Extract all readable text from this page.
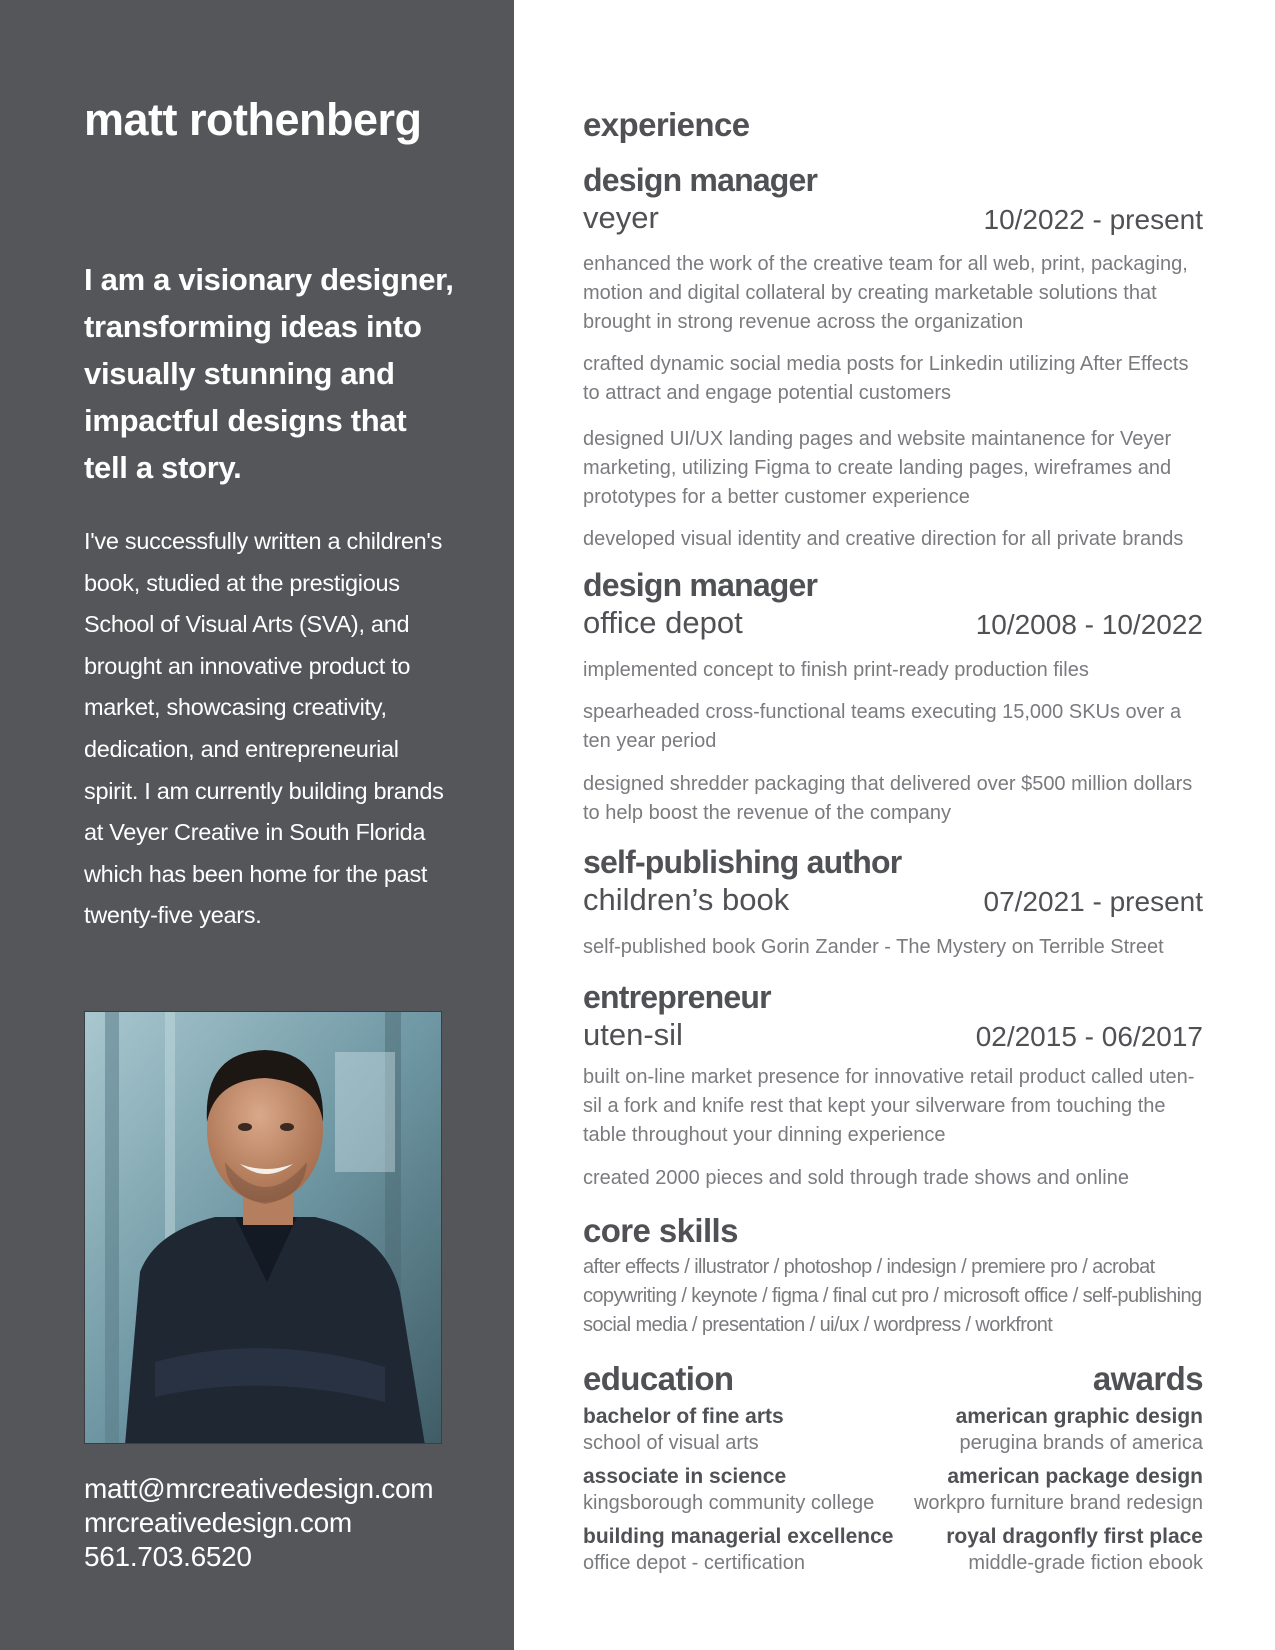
matt rothenberg

I am a visionary designer, transforming ideas into visually stunning and impactful designs that tell a story.

I've successfully written a children's book, studied at the prestigious School of Visual Arts (SVA), and brought an innovative product to market, showcasing creativity, dedication, and entrepreneurial spirit. I am currently building brands at Veyer Creative in South Florida which has been home for the past twenty-five years.

matt@mrcreativedesign.com
mrcreativedesign.com
561.703.6520
experience
design manager
veyer	10/2022 - present

enhanced the work of the creative team for all web, print, packaging, motion and digital collateral by creating marketable solutions that brought in strong revenue across the organization

crafted dynamic social media posts for Linkedin utilizing After Effects to attract and engage potential customers

designed UI/UX landing pages and website maintanence for Veyer marketing, utilizing Figma to create landing pages, wireframes and prototypes for a better customer experience

developed visual identity and creative direction for all private brands

design manager
office depot	10/2008 - 10/2022

implemented concept to finish print-ready production files

spearheaded cross-functional teams executing 15,000 SKUs over a ten year period

designed shredder packaging that delivered over $500 million dollars to help boost the revenue of the company

self-publishing author
children’s book	07/2021 - present

self-published book Gorin Zander - The Mystery on Terrible Street

entrepreneur
uten-sil	02/2015 - 06/2017

built on-line market presence for innovative retail product called uten-sil a fork and knife rest that kept your silverware from touching the table throughout your dinning experience

created 2000 pieces and sold through trade shows and online

core skills
after effects / illustrator / photoshop / indesign / premiere pro / acrobat
copywriting / keynote / figma / final cut pro / microsoft office / self-publishing
social media / presentation / ui/ux / wordpress / workfront
education
bachelor of fine arts
school of visual arts
associate in science
kingsborough community college
building managerial excellence
office depot - certification
awards
american graphic design
perugina brands of america
american package design
workpro furniture brand redesign
royal dragonfly first place
middle-grade fiction ebook
